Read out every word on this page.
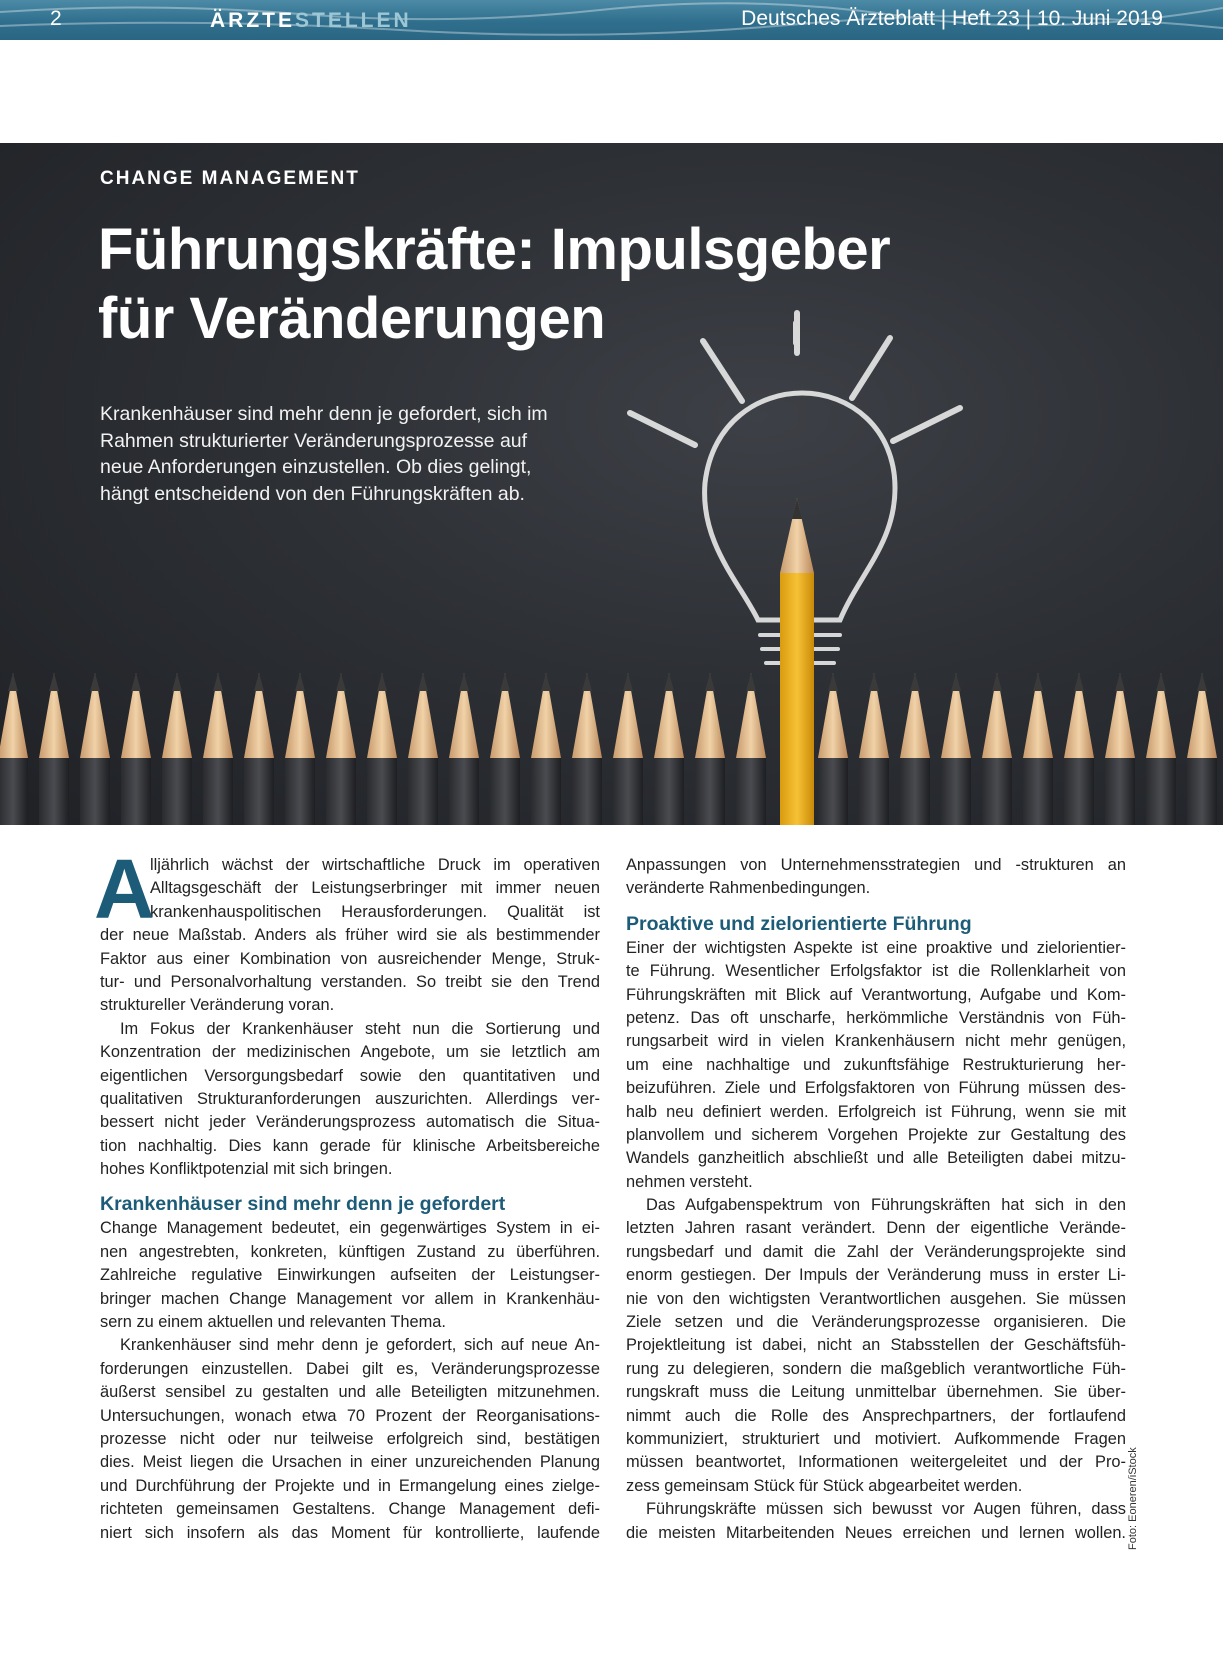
2	ÄRZTESTELLEN	Deutsches Ärzteblatt | Heft 23 | 10. Juni 2019
CHANGE MANAGEMENT
Führungskräfte: Impulsgeber
für Veränderungen

Krankenhäuser sind mehr denn je gefordert, sich im
Rahmen strukturierter Veränderungsprozesse auf
neue Anforderungen einzustellen. Ob dies gelingt,
hängt entscheidend von den Führungskräften ab.

A
lljährlich wächst der wirtschaftliche Druck im operativen
Alltagsgeschäft der Leistungserbringer mit immer neuen
krankenhauspolitischen Herausforderungen. Qualität ist
der neue Maßstab. Anders als früher wird sie als bestimmender
Faktor aus einer Kombination von ausreichender Menge, Struk-
tur- und Personalvorhaltung verstanden. So treibt sie den Trend
struktureller Veränderung voran.
Im Fokus der Krankenhäuser steht nun die Sortierung und
Konzentration der medizinischen Angebote, um sie letztlich am
eigentlichen Versorgungsbedarf sowie den quantitativen und
qualitativen Strukturanforderungen auszurichten. Allerdings ver-
bessert nicht jeder Veränderungsprozess automatisch die Situa-
tion nachhaltig. Dies kann gerade für klinische Arbeitsbereiche
hohes Konfliktpotenzial mit sich bringen.
Krankenhäuser sind mehr denn je gefordert
Change Management bedeutet, ein gegenwärtiges System in ei-
nen angestrebten, konkreten, künftigen Zustand zu überführen.
Zahlreiche regulative Einwirkungen aufseiten der Leistungser-
bringer machen Change Management vor allem in Krankenhäu-
sern zu einem aktuellen und relevanten Thema.
Krankenhäuser sind mehr denn je gefordert, sich auf neue An-
forderungen einzustellen. Dabei gilt es, Veränderungsprozesse
äußerst sensibel zu gestalten und alle Beteiligten mitzunehmen.
Untersuchungen, wonach etwa 70 Prozent der Reorganisations-
prozesse nicht oder nur teilweise erfolgreich sind, bestätigen
dies. Meist liegen die Ursachen in einer unzureichenden Planung
und Durchführung der Projekte und in Ermangelung eines zielge-
richteten gemeinsamen Gestaltens. Change Management defi-
niert sich insofern als das Moment für kontrollierte, laufende
Anpassungen von Unternehmensstrategien und -strukturen an
veränderte Rahmenbedingungen.
Proaktive und zielorientierte Führung
Einer der wichtigsten Aspekte ist eine proaktive und zielorientier-
te Führung. Wesentlicher Erfolgsfaktor ist die Rollenklarheit von
Führungskräften mit Blick auf Verantwortung, Aufgabe und Kom-
petenz. Das oft unscharfe, herkömmliche Verständnis von Füh-
rungsarbeit wird in vielen Krankenhäusern nicht mehr genügen,
um eine nachhaltige und zukunftsfähige Restrukturierung her-
beizuführen. Ziele und Erfolgsfaktoren von Führung müssen des-
halb neu definiert werden. Erfolgreich ist Führung, wenn sie mit
planvollem und sicherem Vorgehen Projekte zur Gestaltung des
Wandels ganzheitlich abschließt und alle Beteiligten dabei mitzu-
nehmen versteht.
Das Aufgabenspektrum von Führungskräften hat sich in den
letzten Jahren rasant verändert. Denn der eigentliche Verände-
rungsbedarf und damit die Zahl der Veränderungsprojekte sind
enorm gestiegen. Der Impuls der Veränderung muss in erster Li-
nie von den wichtigsten Verantwortlichen ausgehen. Sie müssen
Ziele setzen und die Veränderungsprozesse organisieren. Die
Projektleitung ist dabei, nicht an Stabsstellen der Geschäftsfüh-
rung zu delegieren, sondern die maßgeblich verantwortliche Füh-
rungskraft muss die Leitung unmittelbar übernehmen. Sie über-
nimmt auch die Rolle des Ansprechpartners, der fortlaufend
kommuniziert, strukturiert und motiviert. Aufkommende Fragen
müssen beantwortet, Informationen weitergeleitet und der Pro-
zess gemeinsam Stück für Stück abgearbeitet werden.
Führungskräfte müssen sich bewusst vor Augen führen, dass
die meisten Mitarbeitenden Neues erreichen und lernen wollen. Foto: Eoneren/iStock
